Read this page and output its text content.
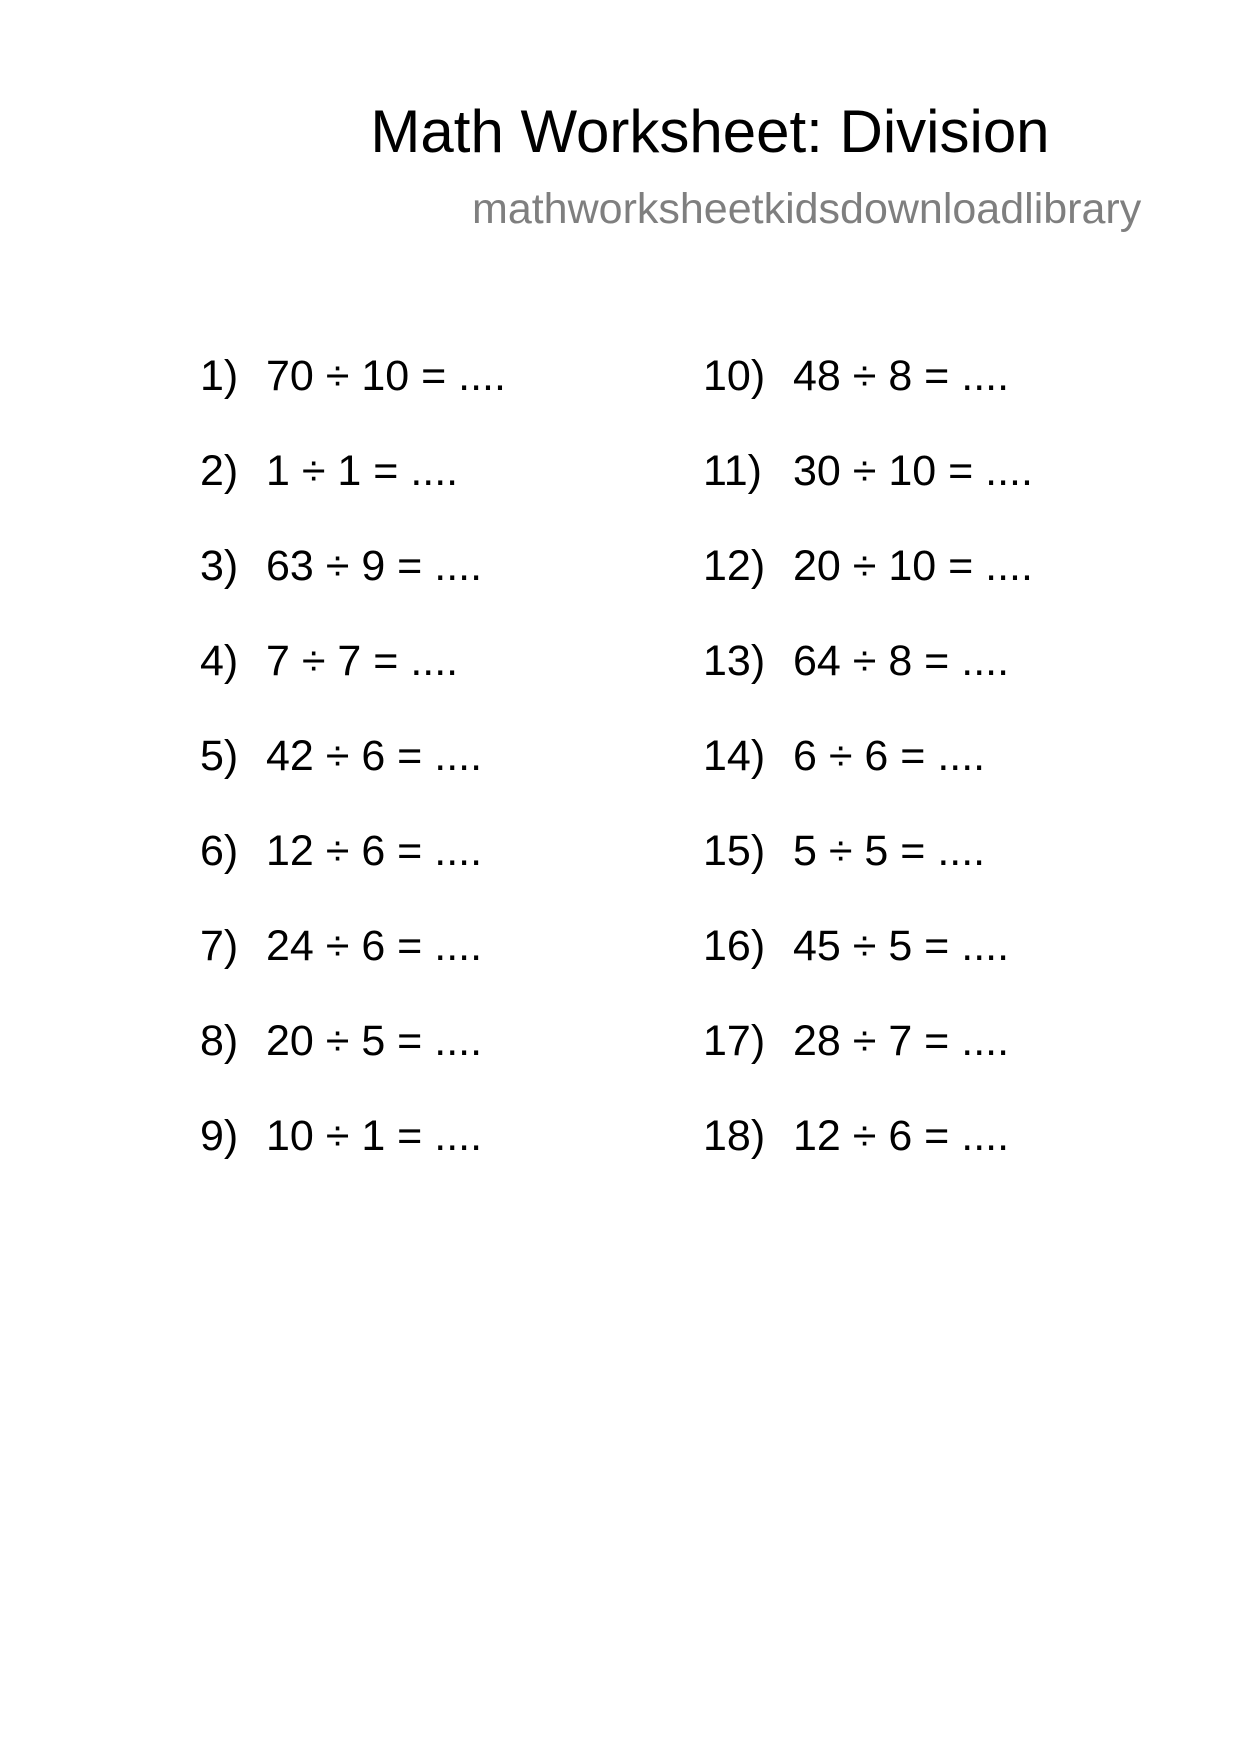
Math Worksheet: Division
mathworksheetkidsdownloadlibrary
1) 70 ÷ 10 = ....
2) 1 ÷ 1 = ....
3) 63 ÷ 9 = ....
4) 7 ÷ 7 = ....
5) 42 ÷ 6 = ....
6) 12 ÷ 6 = ....
7) 24 ÷ 6 = ....
8) 20 ÷ 5 = ....
9) 10 ÷ 1 = ....
10) 48 ÷ 8 = ....
11) 30 ÷ 10 = ....
12) 20 ÷ 10 = ....
13) 64 ÷ 8 = ....
14) 6 ÷ 6 = ....
15) 5 ÷ 5 = ....
16) 45 ÷ 5 = ....
17) 28 ÷ 7 = ....
18) 12 ÷ 6 = ....
